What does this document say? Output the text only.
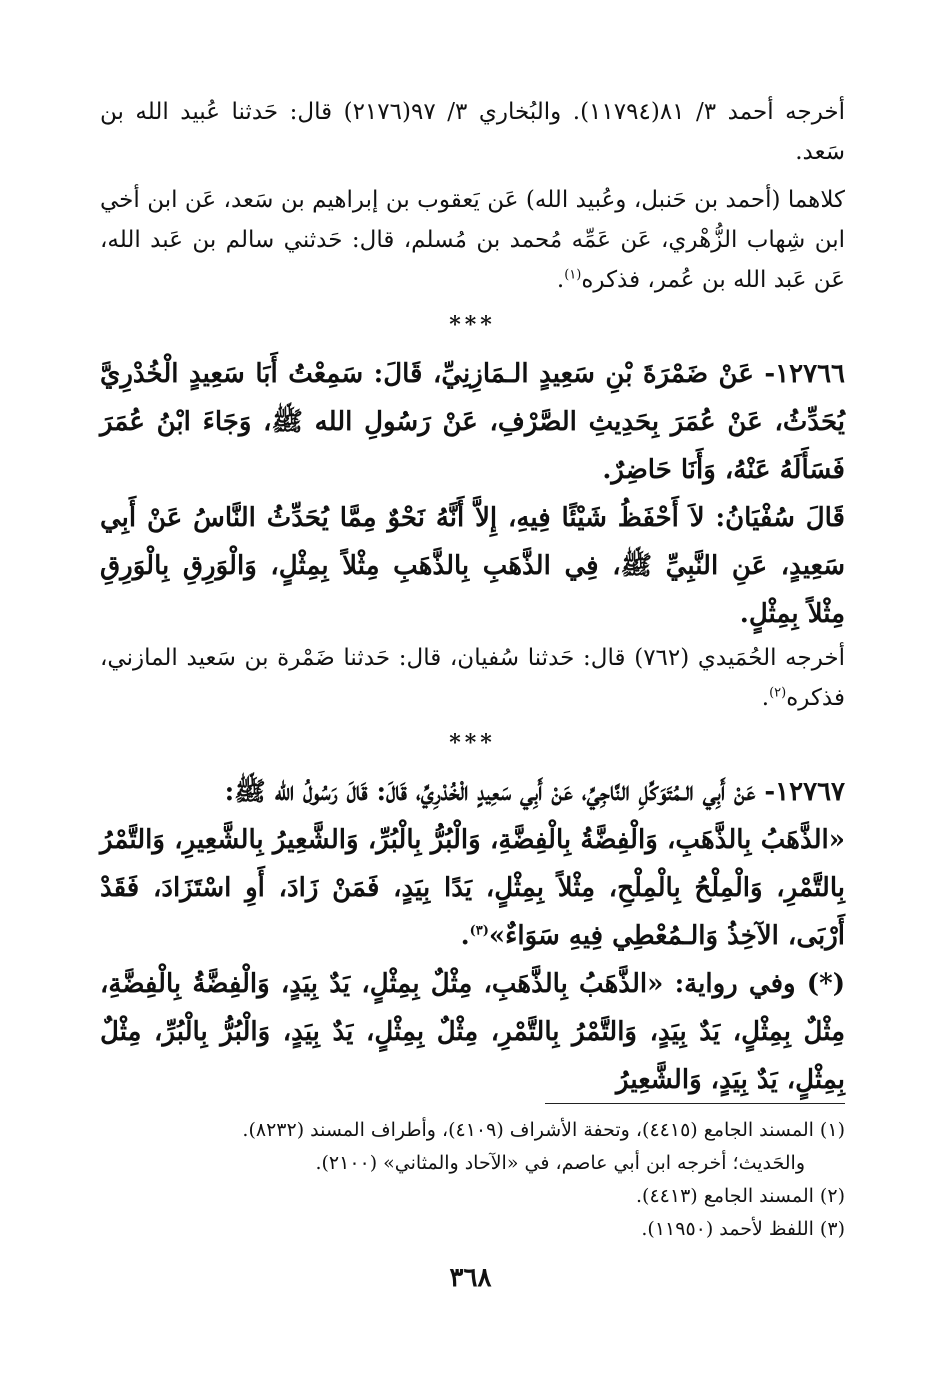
أخرجه أحمد ٣/ ٨١(١١٧٩٤). والبُخاري ٣/ ٩٧(٢١٧٦) قال: حَدثنا عُبيد الله بن سَعد.

كلاهما (أحمد بن حَنبل، وعُبيد الله) عَن يَعقوب بن إبراهيم بن سَعد، عَن ابن أخي ابن شِهاب الزُّهْري، عَن عَمِّه مُحمد بن مُسلم، قال: حَدثني سالم بن عَبد الله، عَن عَبد الله بن عُمر، فذكره$^{(١)}$.

***

١٢٧٦٦- عَنْ ضَمْرَةَ بْنِ سَعِيدٍ الـمَازِنِيِّ، قَالَ: سَمِعْتُ أَبَا سَعِيدٍ الْخُدْرِيَّ يُحَدِّثُ، عَنْ عُمَرَ بِحَدِيثِ الصَّرْفِ، عَنْ رَسُولِ الله ﷺ، وَجَاءَ ابْنُ عُمَرَ فَسَأَلَهُ عَنْهُ، وَأَنَا حَاضِرٌ.

قَالَ سُفْيَانُ: لاَ أَحْفَظُ شَيْئًا فِيهِ، إِلاَّ أَنَّهُ نَحْوٌ مِمَّا يُحَدِّثُ النَّاسُ عَنْ أَبِي سَعِيدٍ، عَنِ النَّبِيِّ ﷺ، فِي الذَّهَبِ بِالذَّهَبِ مِثْلاً بِمِثْلٍ، وَالْوَرِقِ بِالْوَرِقِ مِثْلاً بِمِثْلٍ.

أخرجه الحُمَيدي (٧٦٢) قال: حَدثنا سُفيان، قال: حَدثنا ضَمْرة بن سَعيد المازني، فذكره$^{(٢)}$.

***

١٢٧٦٧- عَنْ أَبِي الـمُتَوَكِّلِ النَّاجِيِّ، عَنْ أَبِي سَعِيدٍ الْخُدْرِيِّ، قَالَ: قَالَ رَسُولُ الله ﷺ:

«الذَّهَبُ بِالذَّهَبِ، وَالْفِضَّةُ بِالْفِضَّةِ، وَالْبُرُّ بِالْبُرِّ، وَالشَّعِيرُ بِالشَّعِيرِ، وَالتَّمْرُ بِالتَّمْرِ، وَالْمِلْحُ بِالْمِلْحِ، مِثْلاً بِمِثْلٍ، يَدًا بِيَدٍ، فَمَنْ زَادَ، أَوِ اسْتَزَادَ، فَقَدْ أَرْبَى، الآخِذُ وَالـمُعْطِي فِيهِ سَوَاءٌ»$^{(٣)}$.

(*) وفي رواية: «الذَّهَبُ بِالذَّهَبِ، مِثْلٌ بِمِثْلٍ، يَدٌ بِيَدٍ، وَالْفِضَّةُ بِالْفِضَّةِ، مِثْلٌ بِمِثْلٍ، يَدٌ بِيَدٍ، وَالتَّمْرُ بِالتَّمْرِ، مِثْلٌ بِمِثْلٍ، يَدٌ بِيَدٍ، وَالْبُرُّ بِالْبُرِّ، مِثْلٌ بِمِثْلٍ، يَدٌ بِيَدٍ، وَالشَّعِيرُ

(١) المسند الجامع (٤٤١٥)، وتحفة الأشراف (٤١٠٩)، وأطراف المسند (٨٢٣٢).

والحَديث؛ أخرجه ابن أبي عاصم، في «الآحاد والمثاني» (٢١٠٠).

(٢) المسند الجامع (٤٤١٣).

(٣) اللفظ لأحمد (١١٩٥٠).

٣٦٨
